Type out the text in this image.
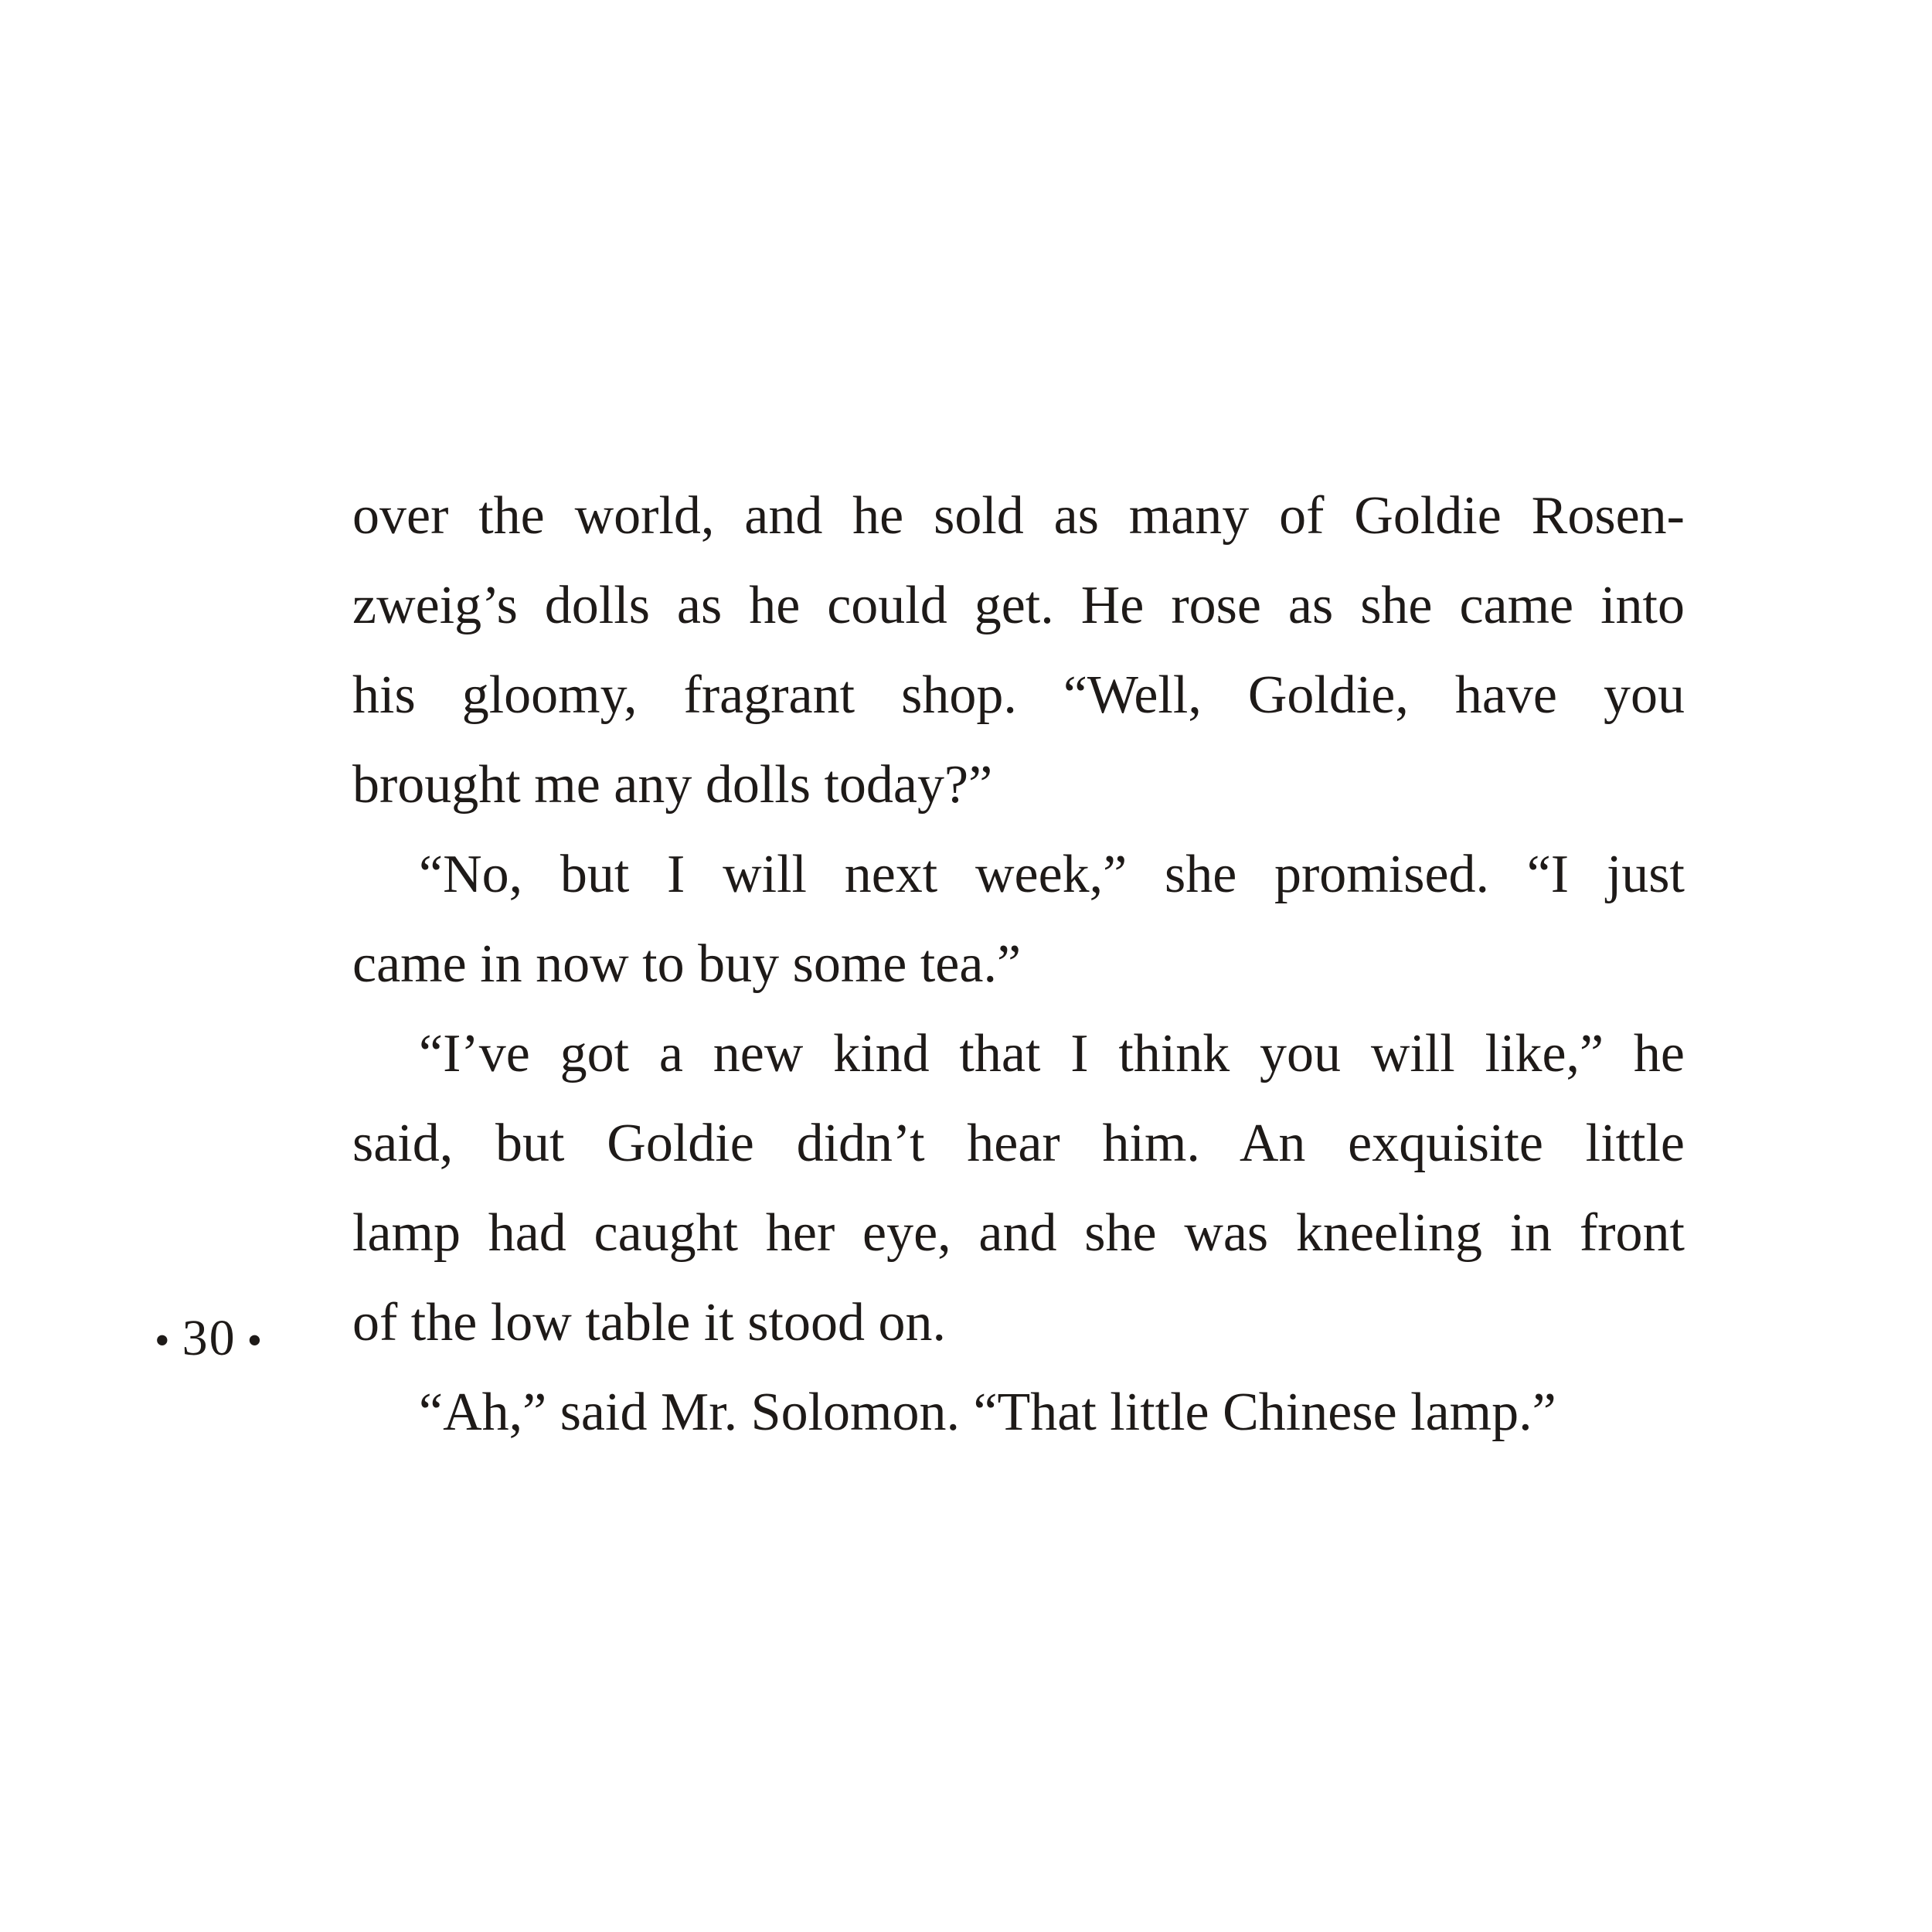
over the world, and he sold as many of Goldie Rosen-
zweig’s dolls as he could get. He rose as she came into
his gloomy, fragrant shop. “Well, Goldie, have you
brought me any dolls today?”
“No, but I will next week,” she promised. “I just
came in now to buy some tea.”
“I’ve got a new kind that I think you will like,” he
said, but Goldie didn’t hear him. An exquisite little
lamp had caught her eye, and she was kneeling in front
of the low table it stood on.
“Ah,” said Mr. Solomon. “That little Chinese lamp.”
• 30 •
